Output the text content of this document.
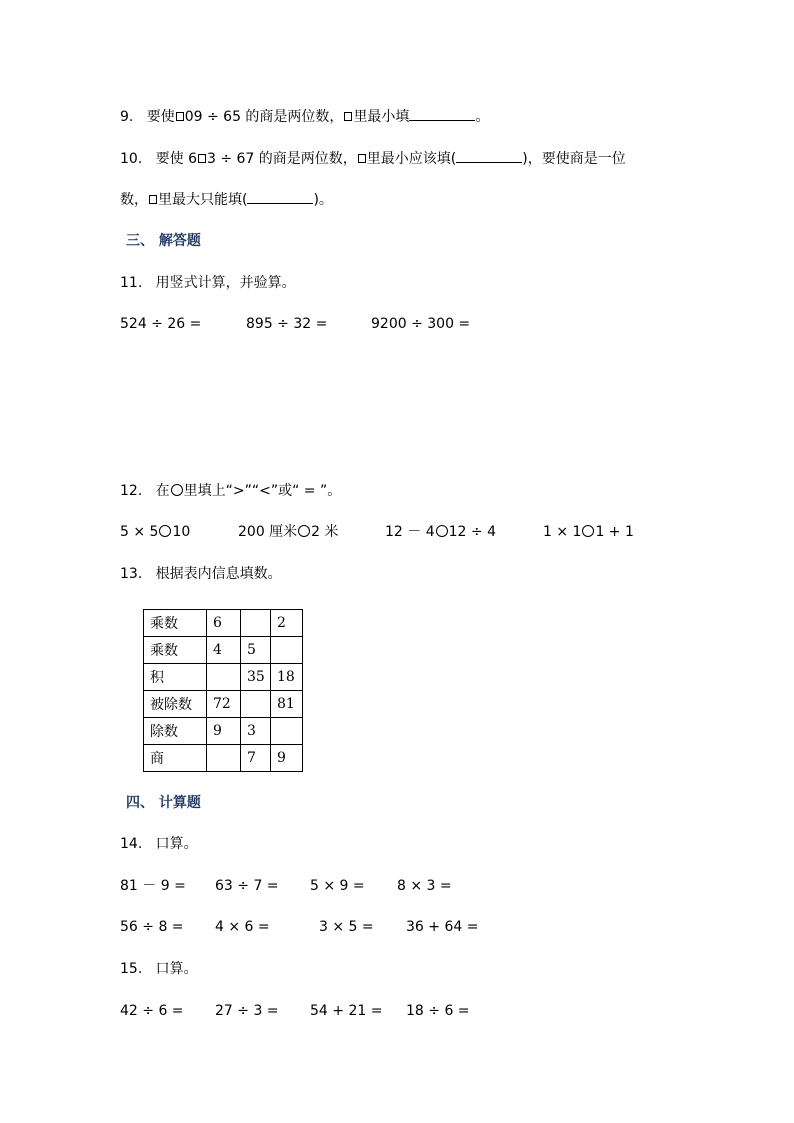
9. 要使 09 ÷ 65 的商是两位数， 里最小填	。
10. 要使 6 3 ÷ 67 的商是两位数， 里最小应该填(	)，要使商是一位
数， 里最大只能填(	)。
三、 解答题
11. 用竖式计算，并验算。
524 ÷ 26 =	895 ÷ 32 =	9200 ÷ 300 =
12. 在 里填上“>”“<”或“ = ”。
5 × 5 10	200 厘米 2 米	12 － 4 12 ÷ 4	1 × 1 1 + 1
13. 根据表内信息填数。
乘数	6		2
乘数	4	5	
积		35	18
被除数	72		81
除数	9	3	
商		7	9
四、 计算题
14. 口算。
81 － 9 = 63 ÷ 7 = 5 × 9 = 8 × 3 =
56 ÷ 8 = 4 × 6 =	3 × 5 = 36 + 64 =
15. 口算。
42 ÷ 6 = 27 ÷ 3 = 54 + 21 = 18 ÷ 6 =
